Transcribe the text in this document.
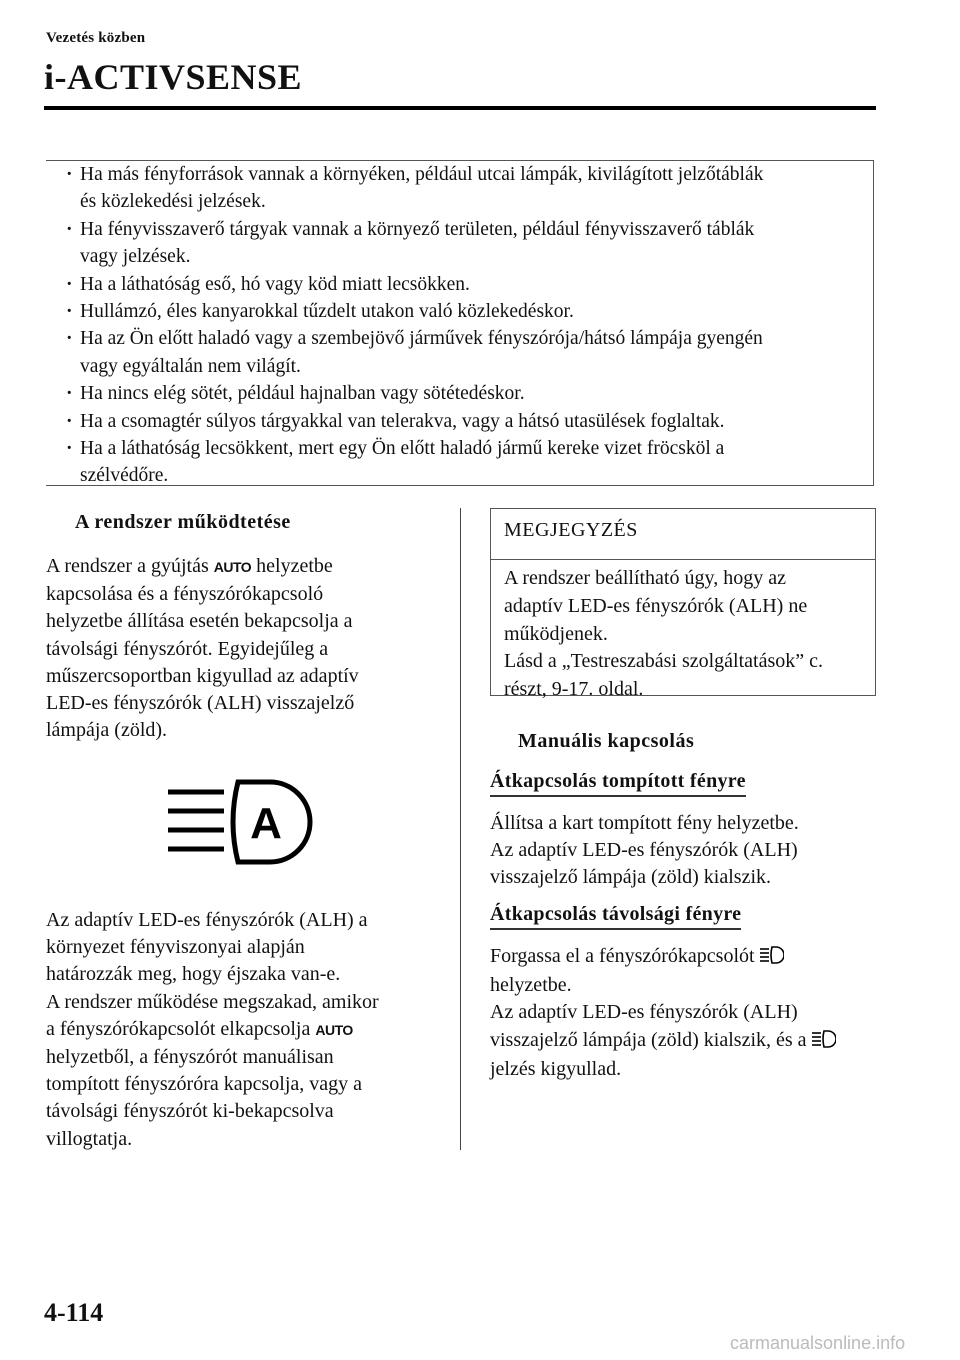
Vezetés közben
i-ACTIVSENSE
· Ha más fényforrások vannak a környéken, például utcai lámpák, kivilágított jelzőtáblák
és közlekedési jelzések.
· Ha fényvisszaverő tárgyak vannak a környező területen, például fényvisszaverő táblák
vagy jelzések.
· Ha a láthatóság eső, hó vagy köd miatt lecsökken.
· Hullámzó, éles kanyarokkal tűzdelt utakon való közlekedéskor.
· Ha az Ön előtt haladó vagy a szembejövő járművek fényszórója/hátsó lámpája gyengén
vagy egyáltalán nem világít.
· Ha nincs elég sötét, például hajnalban vagy sötétedéskor.
· Ha a csomagtér súlyos tárgyakkal van telerakva, vagy a hátsó utasülések foglaltak.
· Ha a láthatóság lecsökkent, mert egy Ön előtt haladó jármű kereke vizet fröcsköl a
szélvédőre.
A rendszer működtetése
A rendszer a gyújtás AUTO helyzetbe
kapcsolása és a fényszórókapcsoló
helyzetbe állítása esetén bekapcsolja a
távolsági fényszórót. Egyidejűleg a
műszercsoportban kigyullad az adaptív
LED-es fényszórók (ALH) visszajelző
lámpája (zöld).
A
Az adaptív LED-es fényszórók (ALH) a
környezet fényviszonyai alapján
határozzák meg, hogy éjszaka van-e.
A rendszer működése megszakad, amikor
a fényszórókapcsolót elkapcsolja AUTO
helyzetből, a fényszórót manuálisan
tompított fényszóróra kapcsolja, vagy a
távolsági fényszórót ki-bekapcsolva
villogtatja.
MEGJEGYZÉS
A rendszer beállítható úgy, hogy az
adaptív LED-es fényszórók (ALH) ne
működjenek.
Lásd a „Testreszabási szolgáltatások” c.
részt, 9-17. oldal.
Manuális kapcsolás
Átkapcsolás tompított fényre
Állítsa a kart tompított fény helyzetbe.
Az adaptív LED-es fényszórók (ALH)
visszajelző lámpája (zöld) kialszik.
Átkapcsolás távolsági fényre
Forgassa el a fényszórókapcsolót
helyzetbe.
Az adaptív LED-es fényszórók (ALH)
visszajelző lámpája (zöld) kialszik, és a
jelzés kigyullad.
4-114
carmanualsonline.info
